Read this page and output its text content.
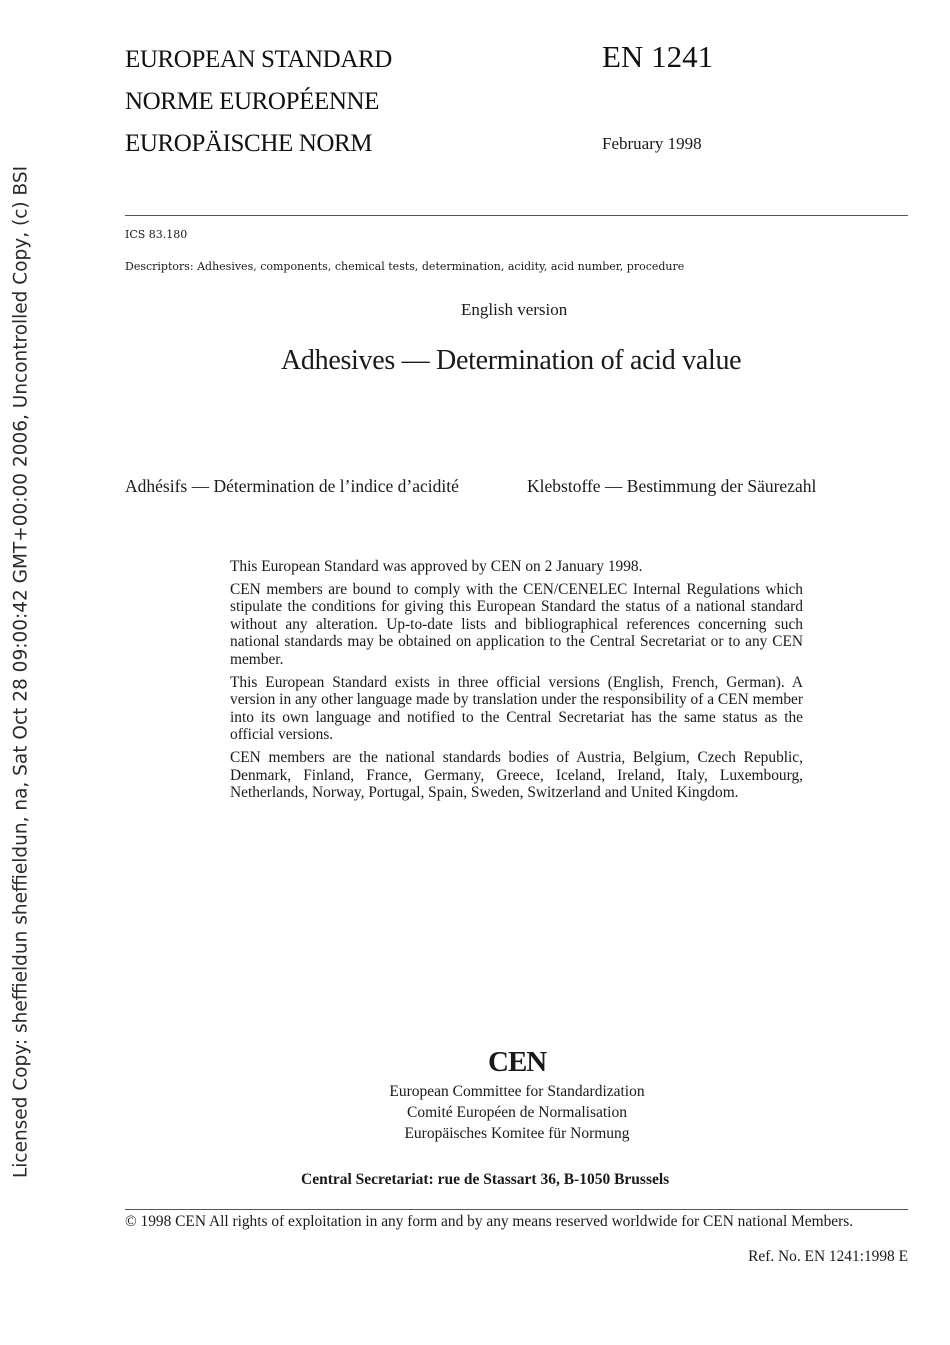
EUROPEAN STANDARD
NORME EUROPÉENNE
EUROPÄISCHE NORM
EN 1241
February 1998
ICS 83.180
Descriptors: Adhesives, components, chemical tests, determination, acidity, acid number, procedure
English version
Adhesives — Determination of acid value
Adhésifs — Détermination de l’indice d’acidité	Klebstoffe — Bestimmung der Säurezahl

This European Standard was approved by CEN on 2 January 1998.

CEN members are bound to comply with the CEN/CENELEC Internal Regulations which stipulate the conditions for giving this European Standard the status of a national standard without any alteration. Up-to-date lists and bibliographical references concerning such national standards may be obtained on application to the Central Secretariat or to any CEN member.

This European Standard exists in three official versions (English, French, German). A version in any other language made by translation under the responsibility of a CEN member into its own language and notified to the Central Secretariat has the same status as the official versions.

CEN members are the national standards bodies of Austria, Belgium, Czech Republic, Denmark, Finland, France, Germany, Greece, Iceland, Ireland, Italy, Luxembourg, Netherlands, Norway, Portugal, Spain, Sweden, Switzerland and United Kingdom.

CEN
European Committee for Standardization
Comité Européen de Normalisation
Europäisches Komitee für Normung
Central Secretariat: rue de Stassart 36, B-1050 Brussels
© 1998 CEN All rights of exploitation in any form and by any means reserved worldwide for CEN national Members.
Ref. No. EN 1241:1998 E
Licensed Copy: sheffieldun sheffieldun, na, Sat Oct 28 09:00:42 GMT+00:00 2006, Uncontrolled Copy, (c) BSI
